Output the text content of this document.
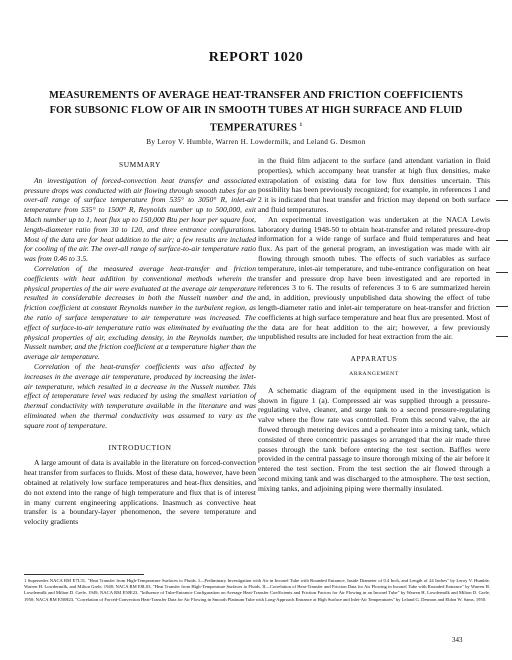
REPORT 1020
MEASUREMENTS OF AVERAGE HEAT-TRANSFER AND FRICTION COEFFICIENTS FOR SUBSONIC FLOW OF AIR IN SMOOTH TUBES AT HIGH SURFACE AND FLUID TEMPERATURES $^1$
By Leroy V. Humble, Warren H. Lowdermilk, and Leland G. Desmon
SUMMARY

An investigation of forced-convection heat transfer and associated pressure drops was conducted with air flowing through smooth tubes for an over-all range of surface temperature from 535° to 3050° R, inlet-air temperature from 535° to 1500° R, Reynolds number up to 500,000, exit Mach number up to 1, heat flux up to 150,000 Btu per hour per square foot, length-diameter ratio from 30 to 120, and three entrance configurations. Most of the data are for heat addition to the air; a few results are included for cooling of the air. The over-all range of surface-to-air temperature ratio was from 0.46 to 3.5.

Correlation of the measured average heat-transfer and friction coefficients with heat addition by conventional methods wherein the physical properties of the air were evaluated at the average air temperature resulted in considerable decreases in both the Nusselt number and the friction coefficient at constant Reynolds number in the turbulent region, as the ratio of surface temperature to air temperature was increased. The effect of surface-to-air temperature ratio was eliminated by evaluating the physical properties of air, excluding density, in the Reynolds number, the Nusselt number, and the friction coefficient at a temperature higher than the average air temperature.

Correlation of the heat-transfer coefficients was also affected by increases in the average air temperature, produced by increasing the inlet-air temperature, which resulted in a decrease in the Nusselt number. This effect of temperature level was reduced by using the smallest variation of thermal conductivity with temperature available in the literature and was eliminated when the thermal conductivity was assumed to vary as the square root of temperature.

INTRODUCTION

A large amount of data is available in the literature on forced-convection heat transfer from surfaces to fluids. Most of these data, however, have been obtained at relatively low surface temperatures and heat-flux densities, and do not extend into the range of high temperature and flux that is of interest in many current engineering applications. Inasmuch as convective heat transfer is a boundary-layer phenomenon, the severe temperature and velocity gradients

in the fluid film adjacent to the surface (and attendant variation in fluid properties), which accompany heat transfer at high flux densities, make extrapolation of existing data for low flux densities uncertain. This possibility has been previously recognized; for example, in references 1 and 2 it is indicated that heat transfer and friction may depend on both surface and fluid temperatures.

An experimental investigation was undertaken at the NACA Lewis laboratory during 1948-50 to obtain heat-transfer and related pressure-drop information for a wide range of surface and fluid temperatures and heat flux. As part of the general program, an investigation was made with air flowing through smooth tubes. The effects of such variables as surface temperature, inlet-air temperature, and tube-entrance configuration on heat transfer and pressure drop have been investigated and are reported in references 3 to 6. The results of references 3 to 6 are summarized herein and, in addition, previously unpublished data showing the effect of tube length-diameter ratio and inlet-air temperature on heat-transfer and friction coefficients at high surface temperature and heat flux are presented. Most of the data are for heat addition to the air; however, a few previously unpublished results are included for heat extraction from the air.

APPARATUS
ARRANGEMENT

A schematic diagram of the equipment used in the investigation is shown in figure 1 (a). Compressed air was supplied through a pressure-regulating valve, cleaner, and surge tank to a second pressure-regulating valve where the flow rate was controlled. From this second valve, the air flowed through metering devices and a preheater into a mixing tank, which consisted of three concentric passages so arranged that the air made three passes through the tank before entering the test section. Baffles were provided in the central passage to insure thorough mixing of the air before it entered the test section. From the test section the air flowed through a second mixing tank and was discharged to the atmosphere. The test section, mixing tanks, and adjoining piping were thermally insulated.

1 Supersedes NACA RM E7L31, "Heat Transfer from High-Temperature Surfaces to Fluids. I—Preliminary Investigation with Air in Inconel Tube with Rounded Entrance, Inside Diameter of 0.4 Inch, and Length of 24 Inches" by Leroy V. Humble, Warren H. Lowdermilk, and Milton Grele, 1948; NACA RM E8L03, "Heat Transfer from High-Temperature Surfaces to Fluids. II—Correlation of Heat-Transfer and Friction Data for Air Flowing in Inconel Tube with Rounded Entrance" by Warren H. Lowdermilk and Milton D. Grele, 1949; NACA RM E50E23, "Influence of Tube-Entrance Configuration on Average Heat-Transfer Coefficients and Friction Factors for Air Flowing in an Inconel Tube" by Warren H. Lowdermilk and Milton D. Grele, 1950; NACA RM E50H23, "Correlation of Forced-Convection Heat-Transfer Data for Air Flowing in Smooth Platinum Tube with Long-Approach Entrance at High Surface and Inlet-Air Temperatures" by Leland G. Desmon and Eldon W. Sams, 1950.
343
